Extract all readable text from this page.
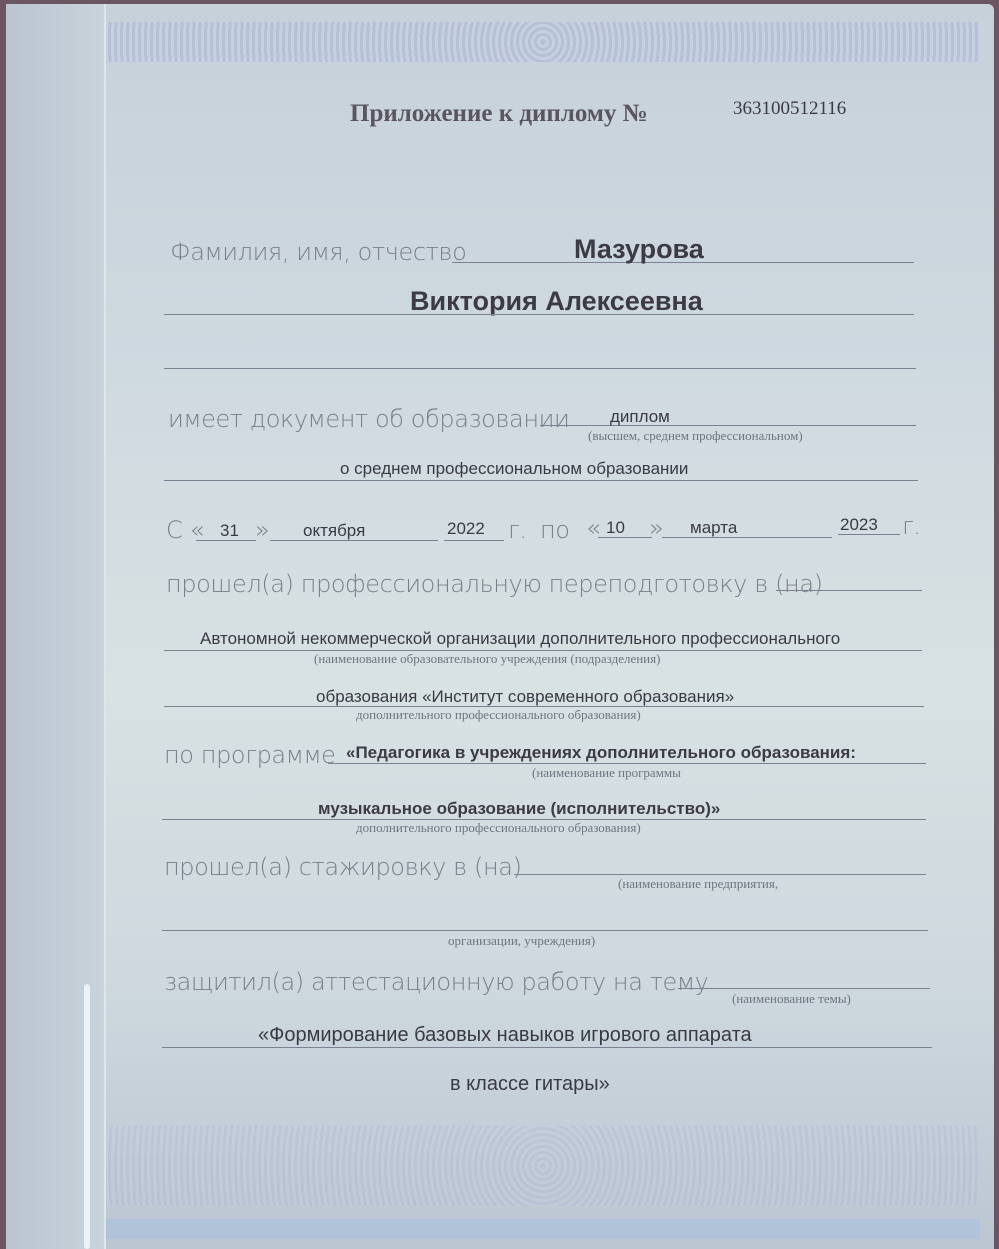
Приложение к диплому №	363100512116
Фамилия, имя, отчество	Мазурова
Виктория Алексеевна
имеет документ об образовании диплом
(высшем, среднем профессиональном)
о среднем профессиональном образовании
С « 31 » октября	2022 г. по « 10 » марта	2023 г.
прошел(а) профессиональную переподготовку в (на)
Автономной некоммерческой организации дополнительного профессионального
(наименование образовательного учреждения (подразделения)
образования «Институт современного образования»
дополнительного профессионального образования)
по программе «Педагогика в учреждениях дополнительного образования:
(наименование программы
музыкальное образование (исполнительство)»
дополнительного профессионального образования)
прошел(а) стажировку в (на)
(наименование предприятия,
организации, учреждения)
защитил(а) аттестационную работу на тему
(наименование темы)
«Формирование базовых навыков игрового аппарата
в классе гитары»
